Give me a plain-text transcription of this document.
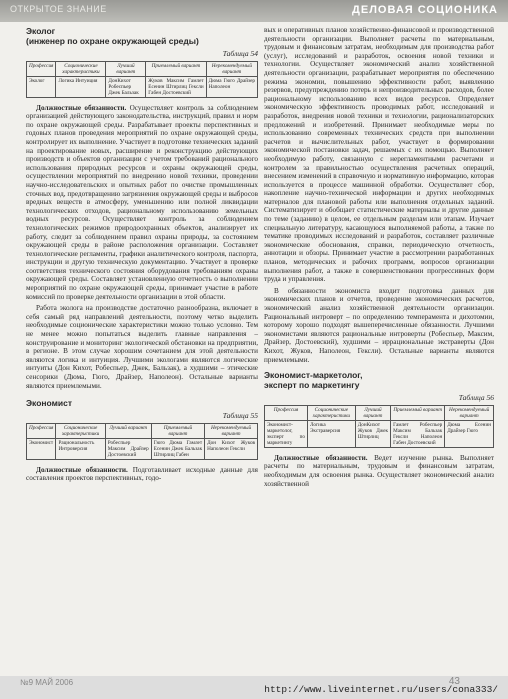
ОТКРЫТОЕ ЗНАНИЕ	ДЕЛОВАЯ СОЦИОНИКА
Эколог
(инженер по охране окружающей среды)
Таблица 54
Профессия	Соционические характеристики	Лучший вариант	Приемлемый вариант	Нерекомендуемый вариант
Эколог	Логика Интуиция	ДонКихот Робеспьер Джек Бальзак	Жуков Максим Гамлет Есенин Штирлиц Гексли Габен Достоевский	Дюма Гюго Драйзер Наполеон

Должностные обязанности. Осуществляет контроль за соблюдением организацией действующего законодательства, инструкций, правил и норм по охране окружающей среды. Разрабатывает проекты перспективных и годовых планов проведения мероприятий по охране окружающей среды, контролирует их выполнение. Участвует в подготовке технических заданий на проектирование новых, расширение и реконструкцию действующих производств и объектов организации с учетом требований рационального использования природных ресурсов и охраны окружающей среды, осуществлении мероприятий по внедрению новой техники, проведении научно-исследовательских и опытных работ по очистке промышленных сточных вод, предотвращению загрязнения окружающей среды и выбросов вредных веществ в атмосферу, уменьшению или полной ликвидации технологических отходов, рациональному использованию земельных водных ресурсов. Осуществляет контроль за соблюдением технологических режимов природоохранных объектов, анализирует их работу, следит за соблюдением правил охраны природы, за состоянием окружающей среды в районе расположения организации. Составляет технологические регламенты, графики аналитического контроля, паспорта, инструкции и другую техническую документацию. Участвует в проверке соответствия технического состояния оборудования требованиям охраны окружающей среды. Составляет установленную отчетность о выполнении мероприятий по охране окружающей среды, принимает участие в работе комиссий по проверке деятельности организации в этой области.

Работа эколога на производстве достаточно разнообразна, включает в себя самый ряд направлений деятельности, поэтому четко выделить необходимые соционические характеристики можно только условно. Тем не менее можно попытаться выделить главные направления – конструирование и мониторинг экологической обстановки на предприятии, в регионе. В этом случае хорошим сочетанием для этой деятельности являются логика и интуиция. Лучшими экологами являются логические интуиты (Дон Кихот, Робеспьер, Джек, Бальзак), а худшими – этические сенсорики (Дюма, Гюго, Драйзер, Наполеон). Остальные варианты являются приемлемыми.

Экономист
Таблица 55
Профессия	Соционические характеристики	Лучший вариант	Приемлемый вариант	Нерекомендуемый вариант
Экономист	Рациональность Интроверсия	Робеспьер Максим Драйзер Достоевский	Гюго Дюма Гамлет Есенин Джек Бальзак Штирлиц Габен	Дон Кихот Жуков Наполеон Гексли

Должностные обязанности. Подготавливает исходные данные для составления проектов перспективных, годо-

вых и оперативных планов хозяйственно-финансовой и производственной деятельности организации. Выполняет расчеты по материальным, трудовым и финансовым затратам, необходимым для производства работ (услуг), исследований и разработок, освоения новой техники и технологии. Осуществляет экономический анализ хозяйственной деятельности организации, разрабатывает мероприятия по обеспечению режима экономии, повышению эффективности работ, выявлению резервов, предупреждению потерь и непроизводительных расходов, более рациональному использованию всех видов ресурсов. Определяет экономическую эффективность проводимых работ, исследований и разработок, внедрения новой техники и технологии, рационализаторских предложений и изобретений. Принимает необходимые меры по использованию современных технических средств при выполнении расчетов и вычислительных работ, участвует в формировании экономической постановки задач, решаемых с их помощью. Выполняет необходимую работу, связанную с нерегламентными расчетами и контролем за правильностью осуществления расчетных операций, внесением изменений в справочную и нормативную информацию, которая используется в процессе машинной обработки. Осуществляет сбор, накопление научно-технической информации и других необходимых материалов для плановой работы или выполнения отдельных заданий. Систематизирует и обобщает статистические материалы и другие данные по теме (заданию) в целом, ее отдельным разделам или этапам. Изучает специальную литературу, касающуюся выполняемой работы, а также по тематике проводимых исследований и разработок, составляет различные экономические обоснования, справки, периодическую отчетность, аннотации и обзоры. Принимает участие в рассмотрении разработанных планов, методических и рабочих программ, вопросов организации выполнения работ, а также в совершенствовании прогрессивных форм труда и управления.

В обязанности экономиста входит подготовка данных для экономических планов и отчетов, проведение экономических расчетов, экономический анализ хозяйственной деятельности организации. Рациональный интроверт – по определению темперамента и дихотомии, которому хорошо подходят вышеперечисленные обязанности. Лучшими экономистами являются рациональные интроверты (Робеспьер, Максим, Драйзер, Достоевский), худшими – иррациональные экстраверты (Дон Кихот, Жуков, Наполеон, Гексли). Остальные варианты являются приемлемыми.

Экономист-маркетолог,
эксперт по маркетингу
Таблица 56
Профессия	Соционические характеристики	Лучший вариант	Приемлемый вариант	Нерекомендуемый вариант
Экономист-маркетолог, эксперт по маркетингу	Логика Экстраверсия	ДонКихот Жуков Джек Штирлиц	Гамлет Робеспьер Максим Бальзак Гексли Наполеон Габен Достоевский	Дюма Есенин Драйзер Гюго

Должностные обязанности. Ведет изучение рынка. Выполняет расчеты по материальным, трудовым и финансовым затратам, необходимым для освоения рынка. Осуществляет экономический анализ хозяйственной

№9 МАЙ 2006	43
http://www.liveinternet.ru/users/cona333/
